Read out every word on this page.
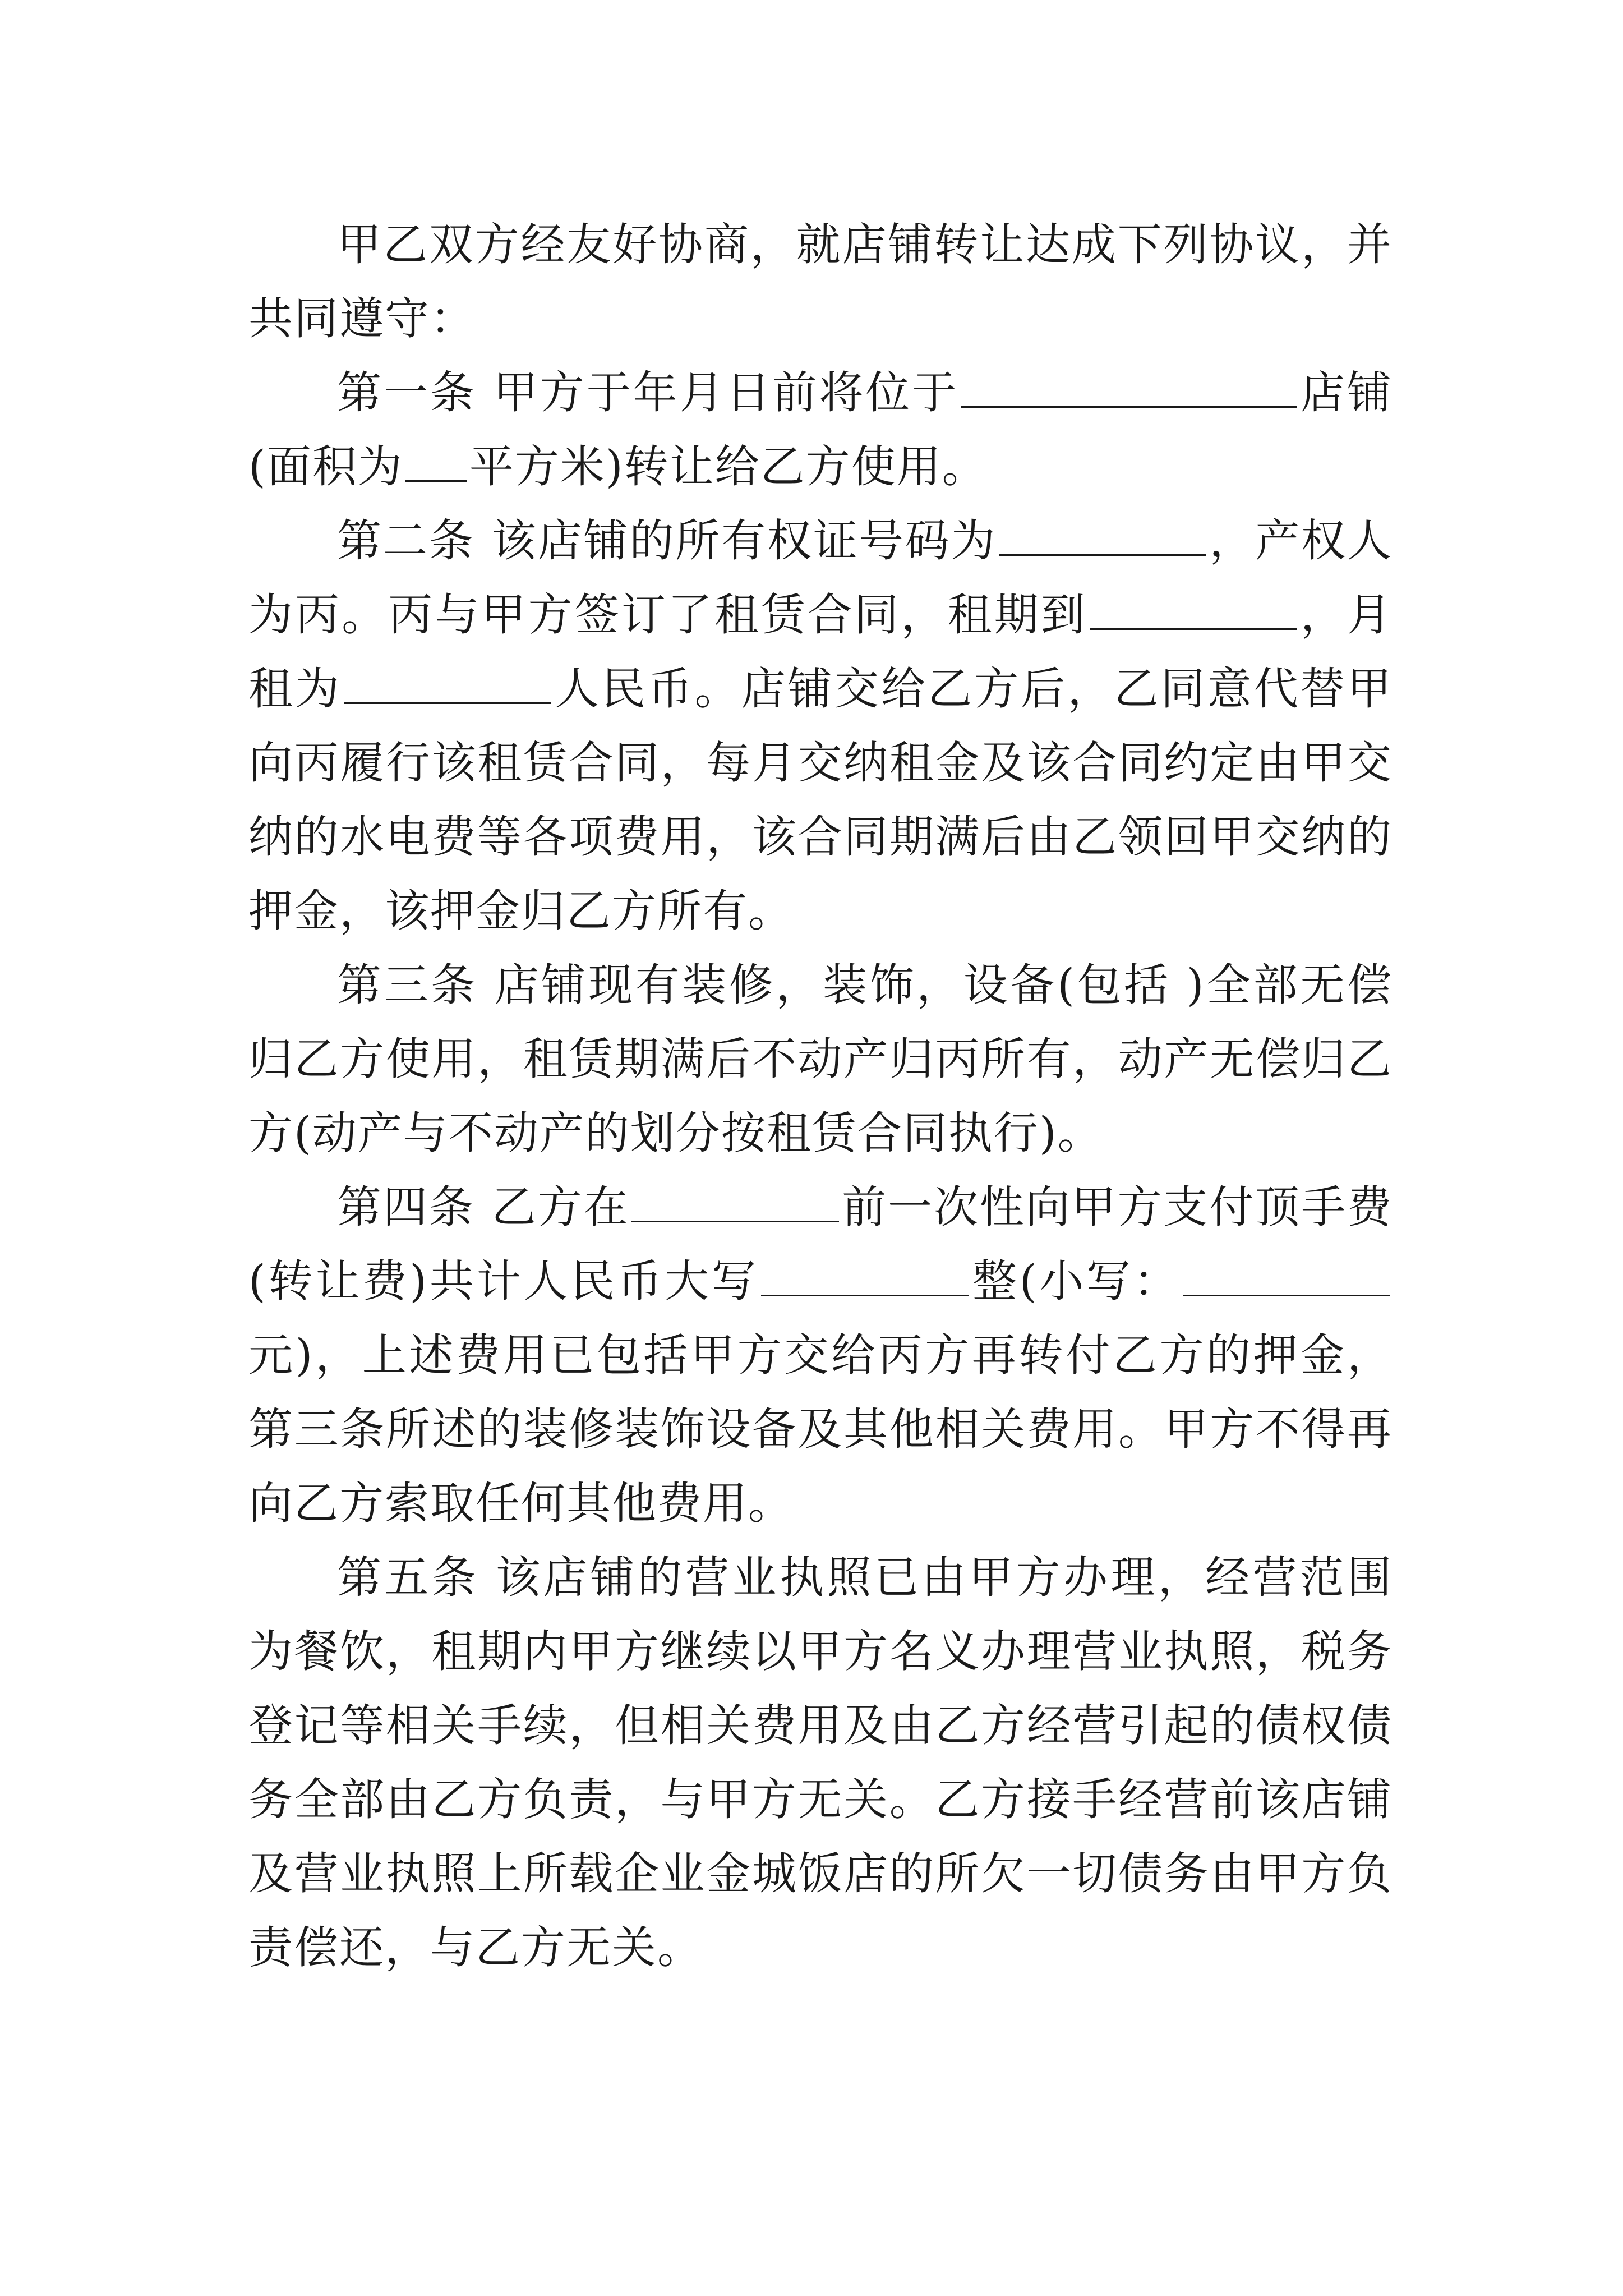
甲乙双方经友好协商，就店铺转让达成下列协议，并共同遵守：

第一条 甲方于年月日前将位于	店铺(面积为 平方米)转让给乙方使用。

第二条 该店铺的所有权证号码为	，产权人为丙。丙与甲方签订了租赁合同，租期到	，月租为	人民币。店铺交给乙方后，乙同意代替甲向丙履行该租赁合同，每月交纳租金及该合同约定由甲交纳的水电费等各项费用，该合同期满后由乙领回甲交纳的押金，该押金归乙方所有。

第三条 店铺现有装修，装饰，设备(包括 )全部无偿归乙方使用，租赁期满后不动产归丙所有，动产无偿归乙方(动产与不动产的划分按租赁合同执行)。

第四条 乙方在	前一次性向甲方支付顶手费(转让费)共计人民币大写	整(小写：元)，上述费用已包括甲方交给丙方再转付乙方的押金，第三条所述的装修装饰设备及其他相关费用。甲方不得再向乙方索取任何其他费用。

第五条 该店铺的营业执照已由甲方办理，经营范围为餐饮，租期内甲方继续以甲方名义办理营业执照，税务登记等相关手续，但相关费用及由乙方经营引起的债权债务全部由乙方负责，与甲方无关。乙方接手经营前该店铺及营业执照上所载企业金城饭店的所欠一切债务由甲方负责偿还，与乙方无关。
